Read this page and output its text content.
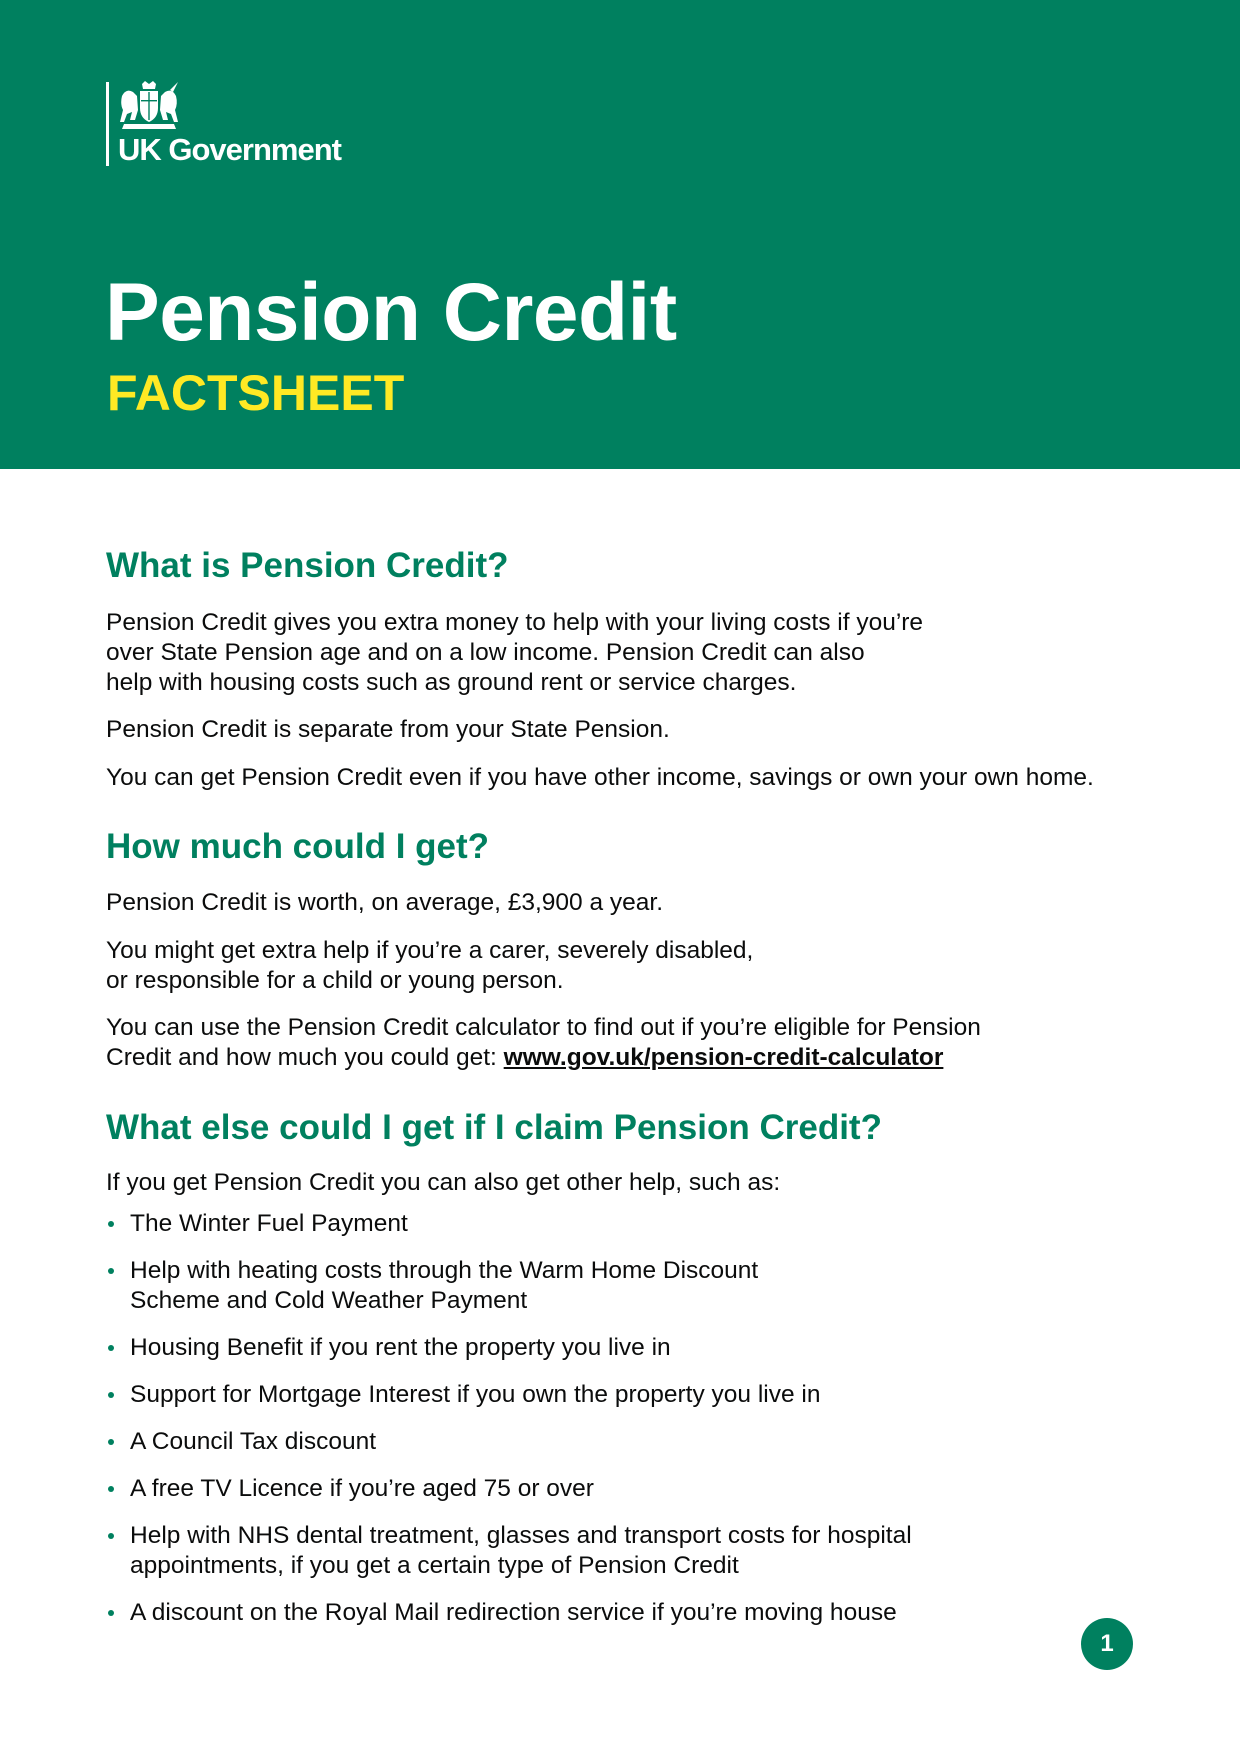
UK Government
Pension Credit
FACTSHEET
What is Pension Credit?

Pension Credit gives you extra money to help with your living costs if you’re

over State Pension age and on a low income. Pension Credit can also

help with housing costs such as ground rent or service charges.

Pension Credit is separate from your State Pension.

You can get Pension Credit even if you have other income, savings or own your own home.

How much could I get?

Pension Credit is worth, on average, £3,900 a year.

You might get extra help if you’re a carer, severely disabled,

or responsible for a child or young person.

You can use the Pension Credit calculator to find out if you’re eligible for Pension

Credit and how much you could get: www.gov.uk/pension-credit-calculator

What else could I get if I claim Pension Credit?

If you get Pension Credit you can also get other help, such as:

The Winter Fuel Payment
Help with heating costs through the Warm Home Discount
Scheme and Cold Weather Payment
Housing Benefit if you rent the property you live in
Support for Mortgage Interest if you own the property you live in
A Council Tax discount
A free TV Licence if you’re aged 75 or over
Help with NHS dental treatment, glasses and transport costs for hospital
appointments, if you get a certain type of Pension Credit
A discount on the Royal Mail redirection service if you’re moving house
1
